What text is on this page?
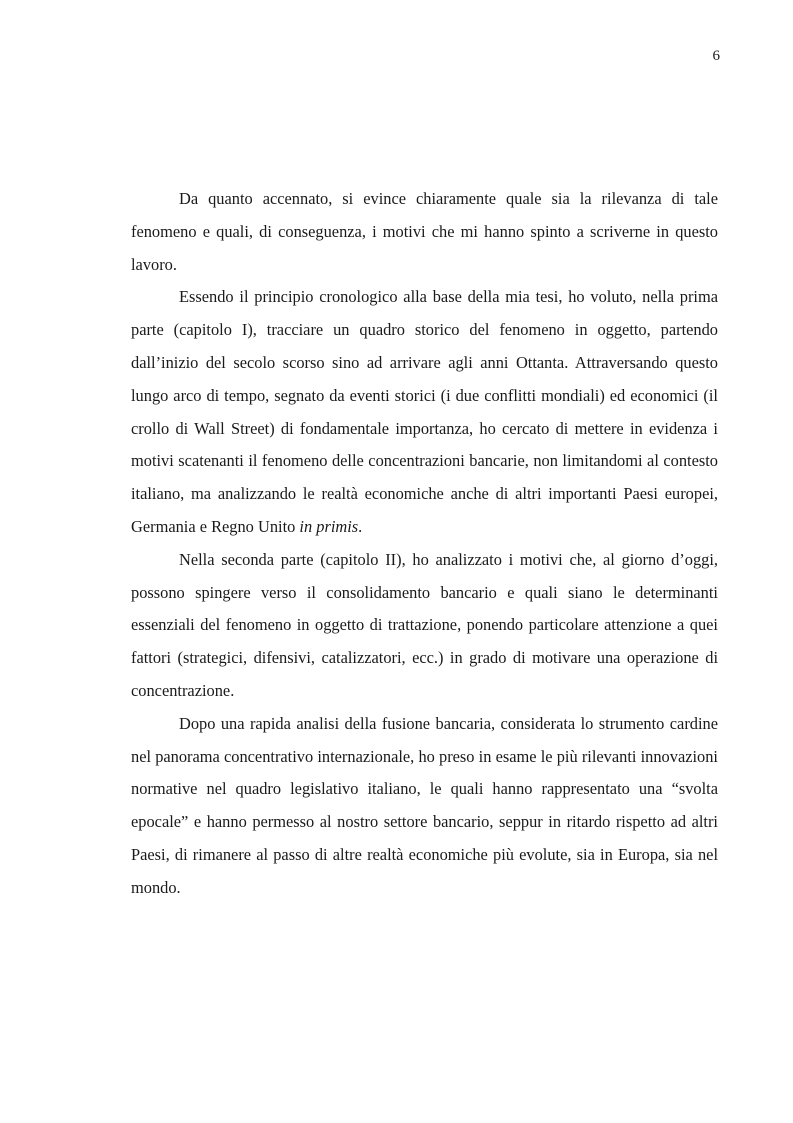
6

Da quanto accennato, si evince chiaramente quale sia la rilevanza di tale fenomeno e quali, di conseguenza, i motivi che mi hanno spinto a scriverne in questo lavoro.

Essendo il principio cronologico alla base della mia tesi, ho voluto, nella prima parte (capitolo I), tracciare un quadro storico del fenomeno in oggetto, partendo dall’inizio del secolo scorso sino ad arrivare agli anni Ottanta. Attraversando questo lungo arco di tempo, segnato da eventi storici (i due conflitti mondiali) ed economici (il crollo di Wall Street) di fondamentale importanza, ho cercato di mettere in evidenza i motivi scatenanti il fenomeno delle concentrazioni bancarie, non limitandomi al contesto italiano, ma analizzando le realtà economiche anche di altri importanti Paesi europei, Germania e Regno Unito in primis.

Nella seconda parte (capitolo II), ho analizzato i motivi che, al giorno d’oggi, possono spingere verso il consolidamento bancario e quali siano le determinanti essenziali del fenomeno in oggetto di trattazione, ponendo particolare attenzione a quei fattori (strategici, difensivi, catalizzatori, ecc.) in grado di motivare una operazione di concentrazione.

Dopo una rapida analisi della fusione bancaria, considerata lo strumento cardine nel panorama concentrativo internazionale, ho preso in esame le più rilevanti innovazioni normative nel quadro legislativo italiano, le quali hanno rappresentato una “svolta epocale” e hanno permesso al nostro settore bancario, seppur in ritardo rispetto ad altri Paesi, di rimanere al passo di altre realtà economiche più evolute, sia in Europa, sia nel mondo.
